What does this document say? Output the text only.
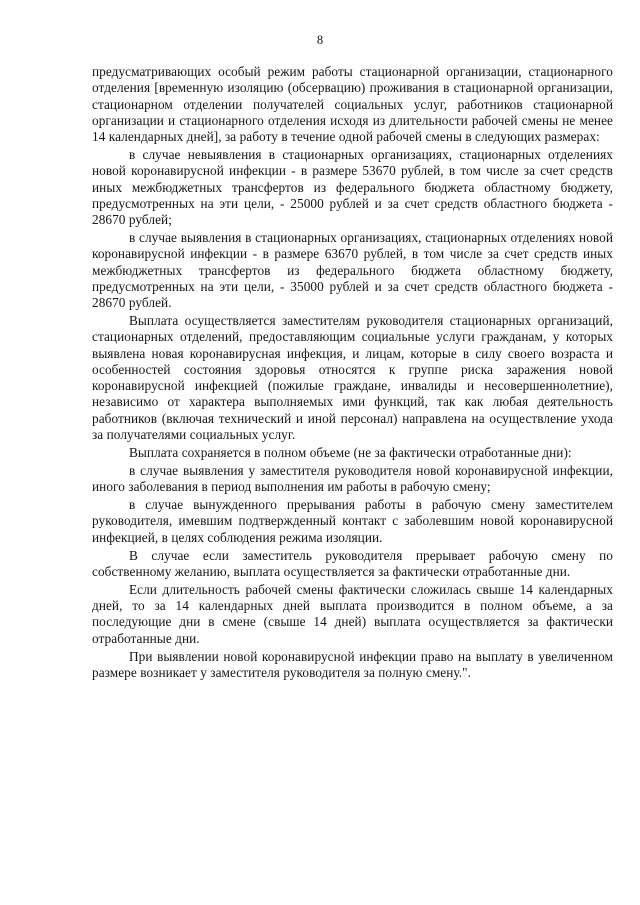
8

предусматривающих особый режим работы стационарной организации, стационарного отделения [временную изоляцию (обсервацию) проживания в стационарной организации, стационарном отделении получателей социальных услуг, работников стационарной организации и стационарного отделения исходя из длительности рабочей смены не менее 14 календарных дней], за работу в течение одной рабочей смены в следующих размерах:

в случае невыявления в стационарных организациях, стационарных отделениях новой коронавирусной инфекции - в размере 53670 рублей, в том числе за счет средств иных межбюджетных трансфертов из федерального бюджета областному бюджету, предусмотренных на эти цели, - 25000 рублей и за счет средств областного бюджета - 28670 рублей;

в случае выявления в стационарных организациях, стационарных отделениях новой коронавирусной инфекции - в размере 63670 рублей, в том числе за счет средств иных межбюджетных трансфертов из федерального бюджета областному бюджету, предусмотренных на эти цели, - 35000 рублей и за счет средств областного бюджета - 28670 рублей.

Выплата осуществляется заместителям руководителя стационарных организаций, стационарных отделений, предоставляющим социальные услуги гражданам, у которых выявлена новая коронавирусная инфекция, и лицам, которые в силу своего возраста и особенностей состояния здоровья относятся к группе риска заражения новой коронавирусной инфекцией (пожилые граждане, инвалиды и несовершеннолетние), независимо от характера выполняемых ими функций, так как любая деятельность работников (включая технический и иной персонал) направлена на осуществление ухода за получателями социальных услуг.

Выплата сохраняется в полном объеме (не за фактически отработанные дни):

в случае выявления у заместителя руководителя новой коронавирусной инфекции, иного заболевания в период выполнения им работы в рабочую смену;

в случае вынужденного прерывания работы в рабочую смену заместителем руководителя, имевшим подтвержденный контакт с заболевшим новой коронавирусной инфекцией, в целях соблюдения режима изоляции.

В случае если заместитель руководителя прерывает рабочую смену по собственному желанию, выплата осуществляется за фактически отработанные дни.

Если длительность рабочей смены фактически сложилась свыше 14 календарных дней, то за 14 календарных дней выплата производится в полном объеме, а за последующие дни в смене (свыше 14 дней) выплата осуществляется за фактически отработанные дни.

При выявлении новой коронавирусной инфекции право на выплату в увеличенном размере возникает у заместителя руководителя за полную смену.".
